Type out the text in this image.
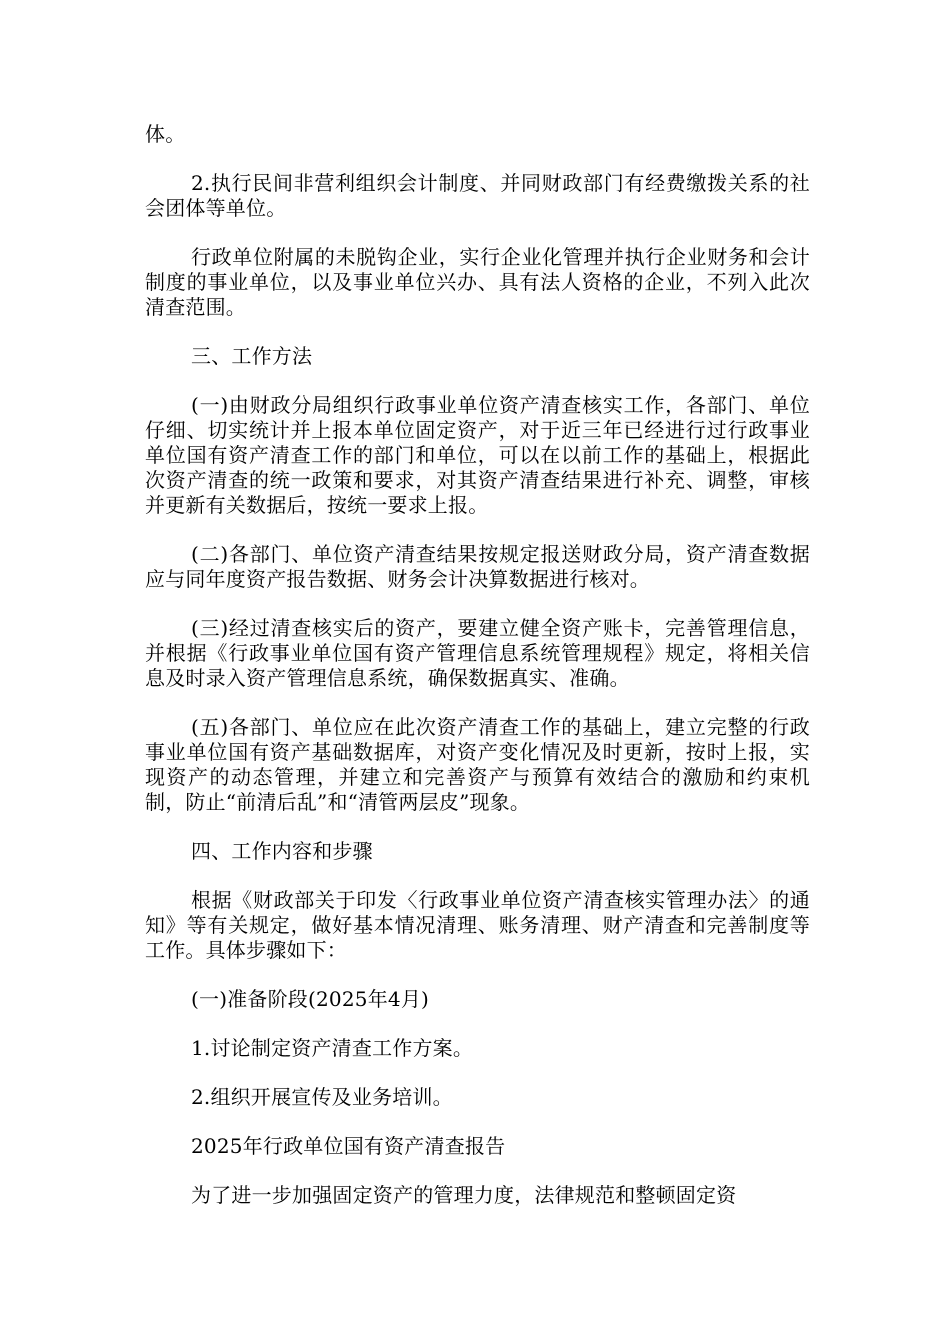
体。

2.执行民间非营利组织会计制度、并同财政部门有经费缴拨关系的社会团体等单位。

行政单位附属的未脱钩企业，实行企业化管理并执行企业财务和会计制度的事业单位，以及事业单位兴办、具有法人资格的企业，不列入此次清查范围。

三、工作方法

(一)由财政分局组织行政事业单位资产清查核实工作，各部门、单位仔细、切实统计并上报本单位固定资产，对于近三年已经进行过行政事业单位国有资产清查工作的部门和单位，可以在以前工作的基础上，根据此次资产清查的统一政策和要求，对其资产清查结果进行补充、调整，审核并更新有关数据后，按统一要求上报。

(二)各部门、单位资产清查结果按规定报送财政分局，资产清查数据应与同年度资产报告数据、财务会计决算数据进行核对。

(三)经过清查核实后的资产，要建立健全资产账卡，完善管理信息，并根据《行政事业单位国有资产管理信息系统管理规程》规定，将相关信息及时录入资产管理信息系统，确保数据真实、准确。

(五)各部门、单位应在此次资产清查工作的基础上，建立完整的行政事业单位国有资产基础数据库，对资产变化情况及时更新，按时上报，实现资产的动态管理，并建立和完善资产与预算有效结合的激励和约束机制，防止“前清后乱”和“清管两层皮”现象。

四、工作内容和步骤

根据《财政部关于印发〈行政事业单位资产清查核实管理办法〉的通知》等有关规定，做好基本情况清理、账务清理、财产清查和完善制度等工作。具体步骤如下：

(一)准备阶段(2025年4月)

1.讨论制定资产清查工作方案。

2.组织开展宣传及业务培训。

2025年行政单位国有资产清查报告

为了进一步加强固定资产的管理力度，法律规范和整顿固定资
